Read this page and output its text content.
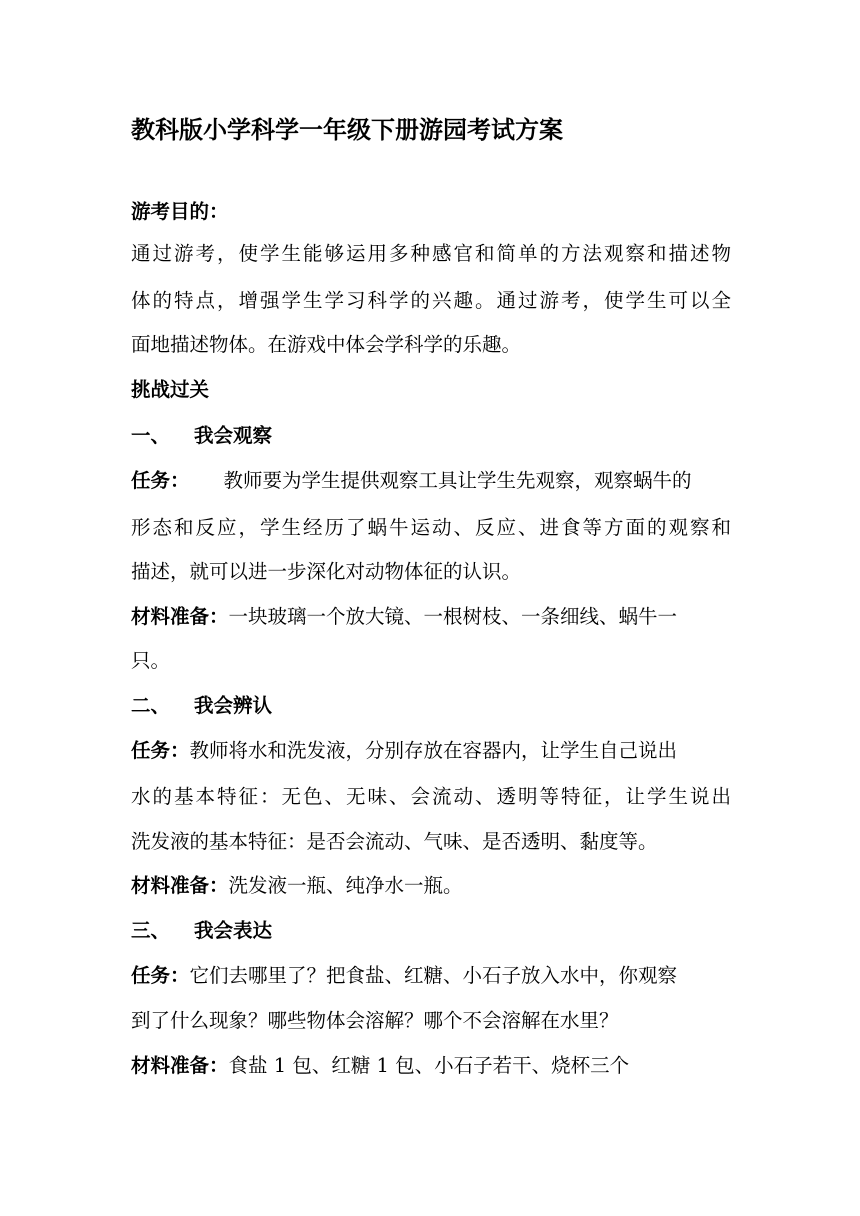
教科版小学科学一年级下册游园考试方案
游考目的：
通过游考，使学生能够运用多种感官和简单的方法观察和描述物
体的特点，增强学生学习科学的兴趣。通过游考，使学生可以全
面地描述物体。在游戏中体会学科学的乐趣。
挑战过关
一、 我会观察
任务： 教师要为学生提供观察工具让学生先观察，观察蜗牛的
形态和反应，学生经历了蜗牛运动、反应、进食等方面的观察和
描述，就可以进一步深化对动物体征的认识。
材料准备：一块玻璃一个放大镜、一根树枝、一条细线、蜗牛一
只。
二、 我会辨认
任务：教师将水和洗发液，分别存放在容器内，让学生自己说出
水的基本特征：无色、无味、会流动、透明等特征，让学生说出
洗发液的基本特征：是否会流动、气味、是否透明、黏度等。
材料准备：洗发液一瓶、纯净水一瓶。
三、 我会表达
任务：它们去哪里了？把食盐、红糖、小石子放入水中，你观察
到了什么现象？哪些物体会溶解？哪个不会溶解在水里？
材料准备：食盐 1 包、红糖 1 包、小石子若干、烧杯三个
